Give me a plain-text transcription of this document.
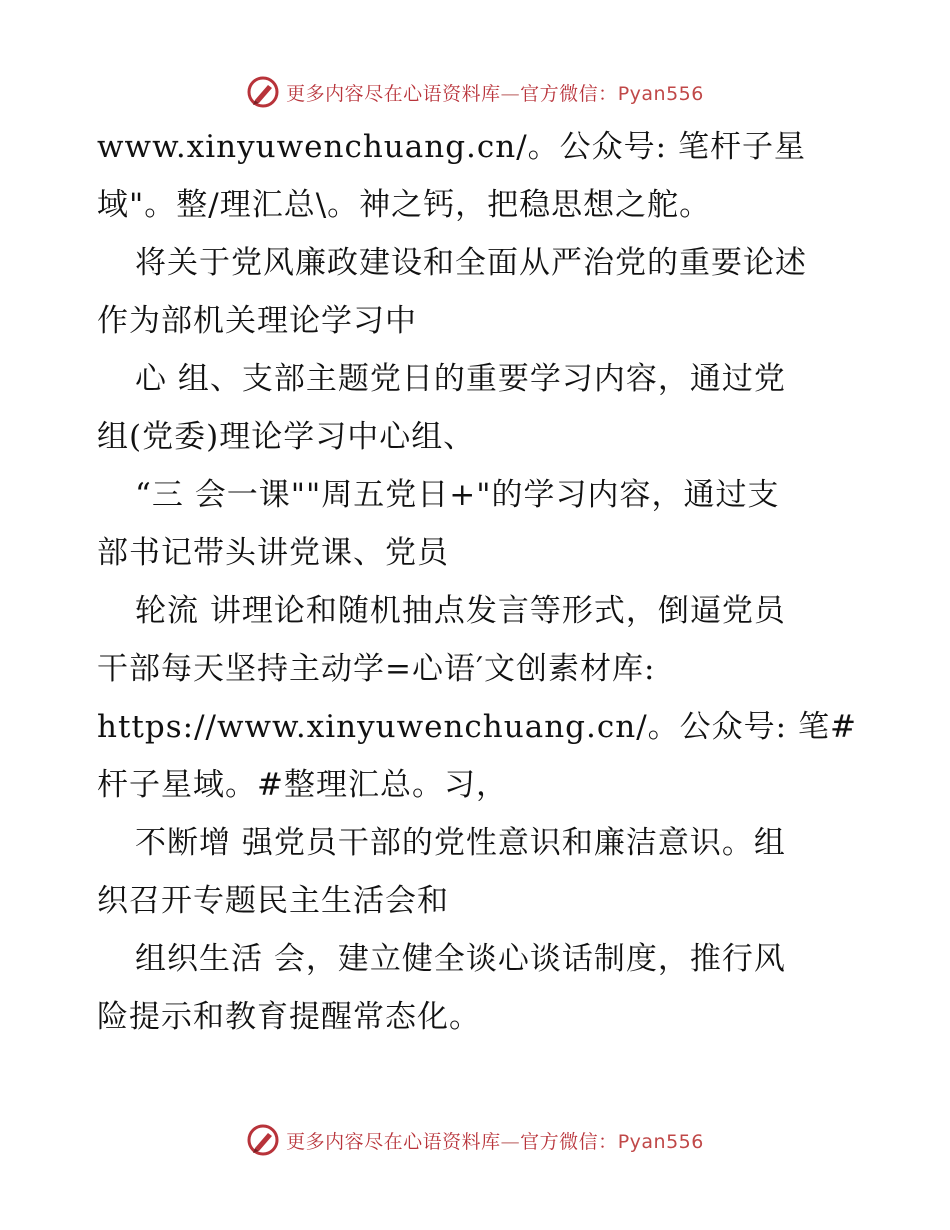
更多内容尽在心语资料库—官方微信：Pyan556
www.xinyuwenchuang.cn/。公众号: 笔杆子星
域"。整/理汇总\。神之钙，把稳思想之舵。
将关于党风廉政建设和全面从严治党的重要论述
作为部机关理论学习中
心 组、支部主题党日的重要学习内容，通过党
组(党委)理论学习中心组、
“三 会一课""周五党日+"的学习内容，通过支
部书记带头讲党课、党员
轮流 讲理论和随机抽点发言等形式，倒逼党员
干部每天坚持主动学=心语′文创素材库:
https://www.xinyuwenchuang.cn/。公众号: 笔#
杆子星域。#整理汇总。习，
不断增 强党员干部的党性意识和廉洁意识。组
织召开专题民主生活会和
组织生活 会，建立健全谈心谈话制度，推行风
险提示和教育提醒常态化。
更多内容尽在心语资料库—官方微信：Pyan556
